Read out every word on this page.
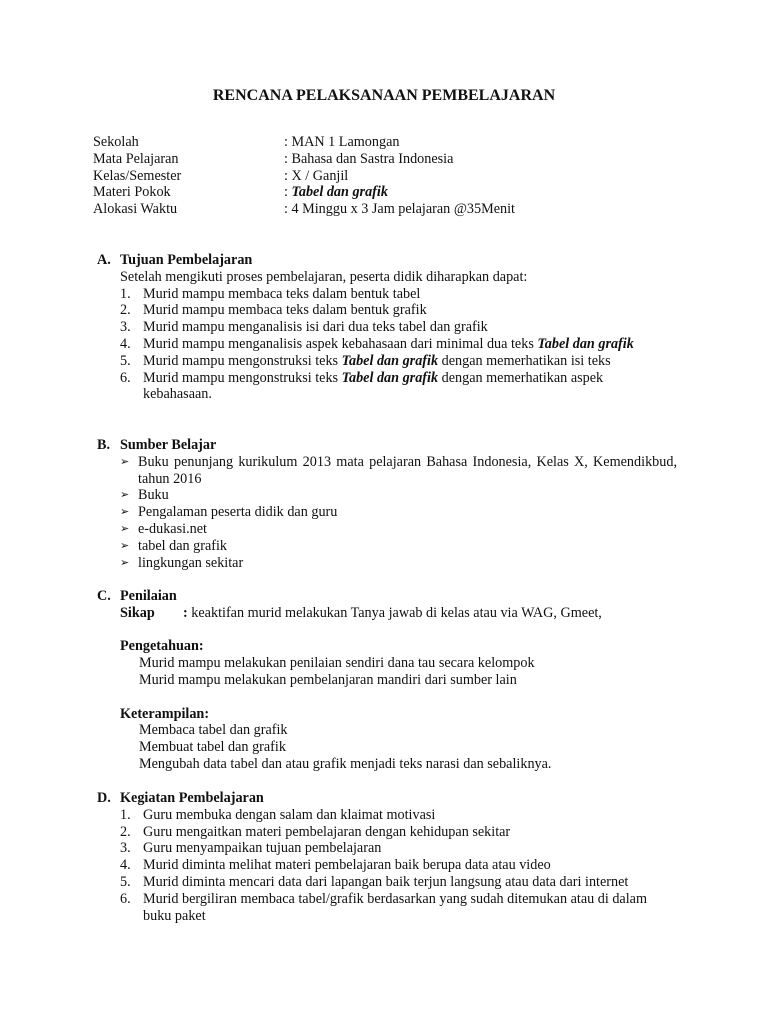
RENCANA PELAKSANAAN PEMBELAJARAN
Sekolah	: MAN 1 Lamongan
Mata Pelajaran	: Bahasa dan Sastra Indonesia
Kelas/Semester	: X / Ganjil
Materi Pokok	: Tabel dan grafik
Alokasi Waktu	: 4 Minggu x 3 Jam pelajaran @35Menit
A. Tujuan Pembelajaran
Setelah mengikuti proses pembelajaran, peserta didik diharapkan dapat:
1. Murid mampu membaca teks dalam bentuk tabel
2. Murid mampu membaca teks dalam bentuk grafik
3. Murid mampu menganalisis isi dari dua teks tabel dan grafik
4. Murid mampu menganalisis aspek kebahasaan dari minimal dua teks Tabel dan grafik
5. Murid mampu mengonstruksi teks Tabel dan grafik dengan memerhatikan isi teks
6. Murid mampu mengonstruksi teks Tabel dan grafik dengan memerhatikan aspek kebahasaan.
B. Sumber Belajar
➢ Buku penunjang kurikulum 2013 mata pelajaran Bahasa Indonesia, Kelas X, Kemendikbud, tahun 2016
➢ Buku
➢ Pengalaman peserta didik dan guru
➢ e-dukasi.net
➢ tabel dan grafik
➢ lingkungan sekitar
C. Penilaian
Sikap : keaktifan murid melakukan Tanya jawab di kelas atau via WAG, Gmeet,
Pengetahuan:
Murid mampu melakukan penilaian sendiri dana tau secara kelompok
Murid mampu melakukan pembelanjaran mandiri dari sumber lain
Keterampilan:
Membaca tabel dan grafik
Membuat tabel dan grafik
Mengubah data tabel dan atau grafik menjadi teks narasi dan sebaliknya.
D. Kegiatan Pembelajaran
1. Guru membuka dengan salam dan klaimat motivasi
2. Guru mengaitkan materi pembelajaran dengan kehidupan sekitar
3. Guru menyampaikan tujuan pembelajaran
4. Murid diminta melihat materi pembelajaran baik berupa data atau video
5. Murid diminta mencari data dari lapangan baik terjun langsung atau data dari internet
6. Murid bergiliran membaca tabel/grafik berdasarkan yang sudah ditemukan atau di dalam buku paket
